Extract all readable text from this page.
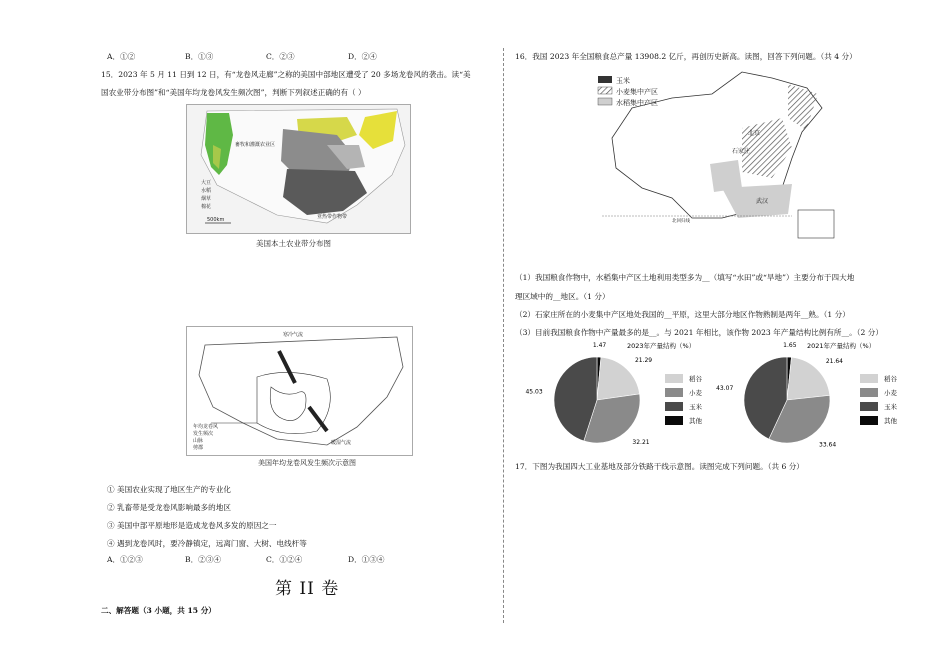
A．①②	B．①③	C．②③	D．②④
15．2023 年 5 月 11 日到 12 日，有“龙卷风走廊”之称的美国中部地区遭受了 20 多场龙卷风的袭击。读“美
国农业带分布图”和“美国年均龙卷风发生频次图”，判断下列叙述正确的有（ ）
畜牧和灌溉农业区
亚热带作物带
大豆
水稻
烟草
棉花
500km
美国本土农业带分布图
寒冷气流
暖湿气流
年均龙卷风
发生频次
山脉
剪郡
美国年均龙卷风发生频次示意图
① 美国农业实现了地区生产的专业化
② 乳畜带是受龙卷风影响最多的地区
③ 美国中部平原地形是造成龙卷风多发的原因之一
④ 遇到龙卷风时，要冷静镇定，远离门窗、大树、电线杆等
A．①②③	B．②③④	C．①②④	D．①③④
第 II 卷
二、解答题（3 小题，共 15 分）
16．我国 2023 年全国粮食总产量 13908.2 亿斤，再创历史新高。读图，回答下列问题。（共 4 分）
玉米
小麦集中产区
水稻集中产区
北京
石家庄
武汉
北回归线
（1）我国粮食作物中，水稻集中产区土地利用类型多为__（填写“水田”或“旱地”）主要分布于四大地
理区域中的__地区。（1 分）
（2）石家庄所在的小麦集中产区地处我国的__平原，这里大部分地区作物熟制是两年__熟。（1 分）
（3）目前我国粮食作物中产量最多的是__。与 2021 年相比，该作物 2023 年产量结构比例有所__。（2 分）
2023年产量结构（%）
1.47
21.29
32.21
45.03
稻谷
小麦
玉米
其他
2021年产量结构（%）
1.65
21.64
33.64
43.07
稻谷
小麦
玉米
其他
17．下图为我国四大工业基地及部分铁路干线示意图。读图完成下列问题。（共 6 分）
